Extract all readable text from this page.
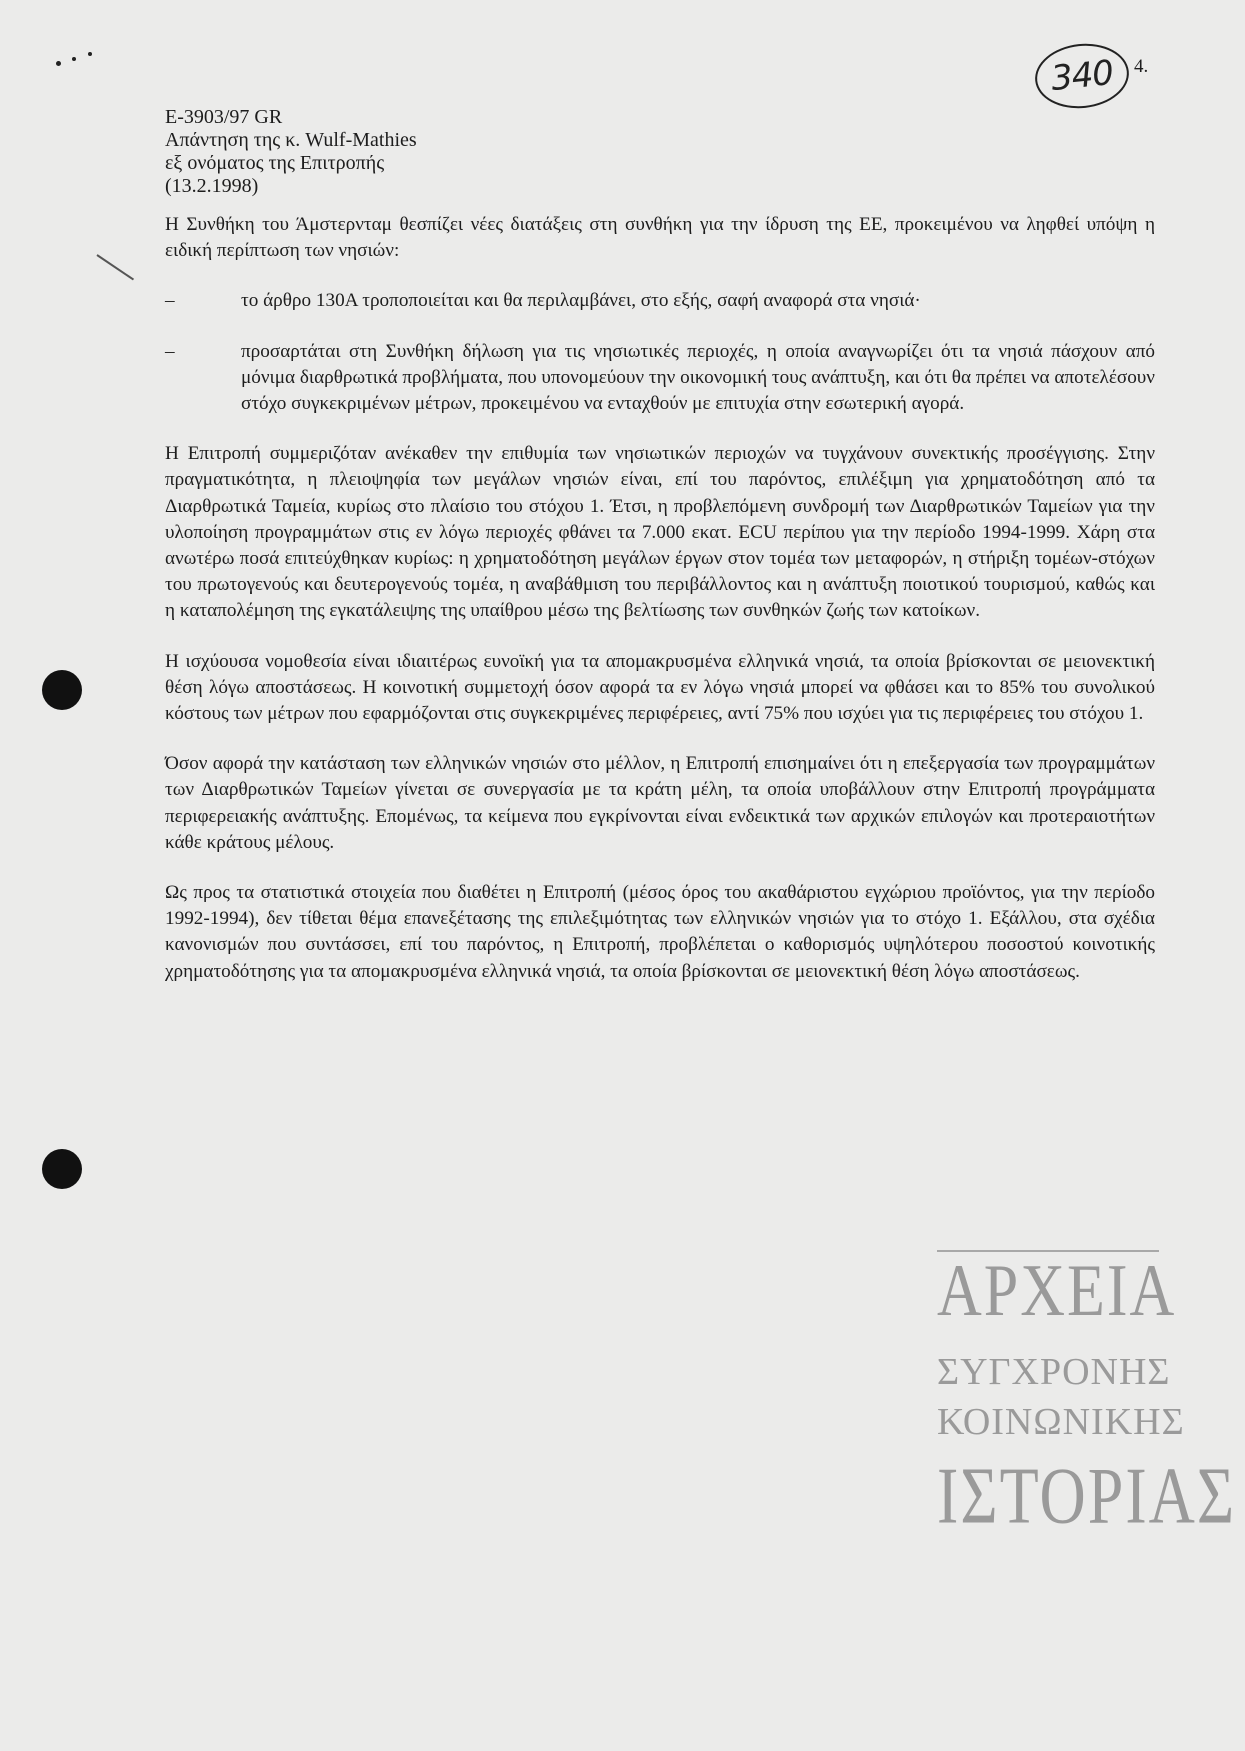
340	4.
E-3903/97 GR
Απάντηση της κ. Wulf-Mathies
εξ ονόματος της Επιτροπής
(13.2.1998)

Η Συνθήκη του Άμστερνταμ θεσπίζει νέες διατάξεις στη συνθήκη για την ίδρυση της ΕΕ, προκειμένου να ληφθεί υπόψη η ειδική περίπτωση των νησιών:

–	το άρθρο 130Α τροποποιείται και θα περιλαμβάνει, στο εξής, σαφή αναφορά στα νησιά·
–	προσαρτάται στη Συνθήκη δήλωση για τις νησιωτικές περιοχές, η οποία αναγνωρίζει ότι τα νησιά πάσχουν από μόνιμα διαρθρωτικά προβλήματα, που υπονομεύουν την οικονομική τους ανάπτυξη, και ότι θα πρέπει να αποτελέσουν στόχο συγκεκριμένων μέτρων, προκειμένου να ενταχθούν με επιτυχία στην εσωτερική αγορά.

Η Επιτροπή συμμεριζόταν ανέκαθεν την επιθυμία των νησιωτικών περιοχών να τυγχάνουν συνεκτικής προσέγγισης. Στην πραγματικότητα, η πλειοψηφία των μεγάλων νησιών είναι, επί του παρόντος, επιλέξιμη για χρηματοδότηση από τα Διαρθρωτικά Ταμεία, κυρίως στο πλαίσιο του στόχου 1. Έτσι, η προβλεπόμενη συνδρομή των Διαρθρωτικών Ταμείων για την υλοποίηση προγραμμάτων στις εν λόγω περιοχές φθάνει τα 7.000 εκατ. ECU περίπου για την περίοδο 1994-1999. Χάρη στα ανωτέρω ποσά επιτεύχθηκαν κυρίως: η χρηματοδότηση μεγάλων έργων στον τομέα των μεταφορών, η στήριξη τομέων-στόχων του πρωτογενούς και δευτερογενούς τομέα, η αναβάθμιση του περιβάλλοντος και η ανάπτυξη ποιοτικού τουρισμού, καθώς και η καταπολέμηση της εγκατάλειψης της υπαίθρου μέσω της βελτίωσης των συνθηκών ζωής των κατοίκων.

Η ισχύουσα νομοθεσία είναι ιδιαιτέρως ευνοϊκή για τα απομακρυσμένα ελληνικά νησιά, τα οποία βρίσκονται σε μειονεκτική θέση λόγω αποστάσεως. Η κοινοτική συμμετοχή όσον αφορά τα εν λόγω νησιά μπορεί να φθάσει και το 85% του συνολικού κόστους των μέτρων που εφαρμόζονται στις συγκεκριμένες περιφέρειες, αντί 75% που ισχύει για τις περιφέρειες του στόχου 1.

Όσον αφορά την κατάσταση των ελληνικών νησιών στο μέλλον, η Επιτροπή επισημαίνει ότι η επεξεργασία των προγραμμάτων των Διαρθρωτικών Ταμείων γίνεται σε συνεργασία με τα κράτη μέλη, τα οποία υποβάλλουν στην Επιτροπή προγράμματα περιφερειακής ανάπτυξης. Επομένως, τα κείμενα που εγκρίνονται είναι ενδεικτικά των αρχικών επιλογών και προτεραιοτήτων κάθε κράτους μέλους.

Ως προς τα στατιστικά στοιχεία που διαθέτει η Επιτροπή (μέσος όρος του ακαθάριστου εγχώριου προϊόντος, για την περίοδο 1992-1994), δεν τίθεται θέμα επανεξέτασης της επιλεξιμότητας των ελληνικών νησιών για το στόχο 1. Εξάλλου, στα σχέδια κανονισμών που συντάσσει, επί του παρόντος, η Επιτροπή, προβλέπεται ο καθορισμός υψηλότερου ποσοστού κοινοτικής χρηματοδότησης για τα απομακρυσμένα ελληνικά νησιά, τα οποία βρίσκονται σε μειονεκτική θέση λόγω αποστάσεως.

ΑΡΧΕΙΑ
ΣΥΓΧΡΟΝΗΣ
ΚΟΙΝΩΝΙΚΗΣ
ΙΣΤΟΡΙΑΣ
